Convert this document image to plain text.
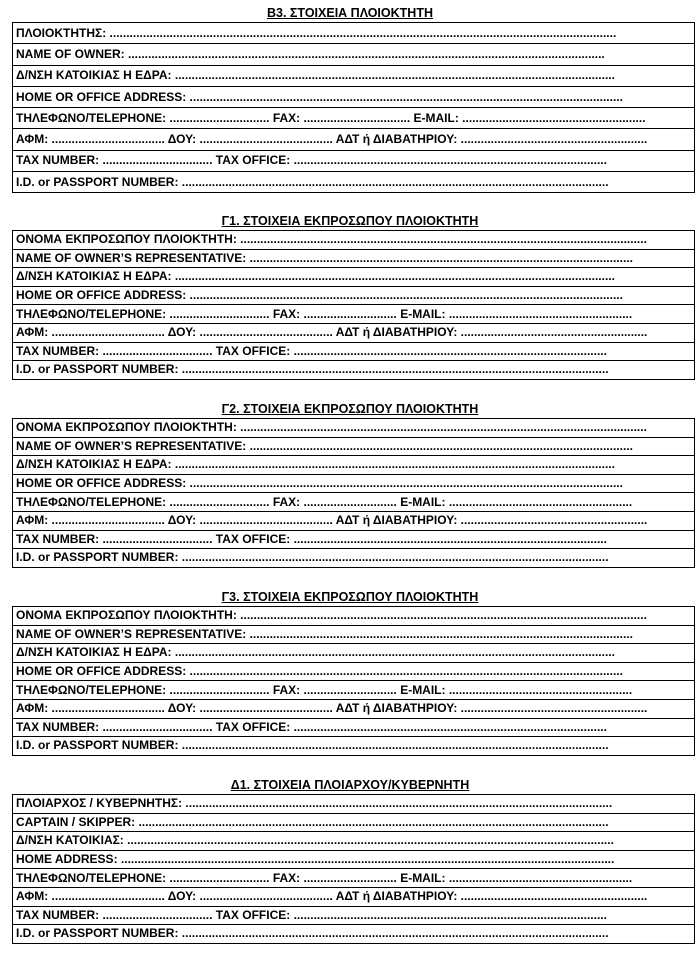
Β3. ΣΤΟΙΧΕΙΑ ΠΛΟΙΟΚΤΗΤΗ
ΠΛΟΙΟΚΤΗΤΗΣ: ........................................................................................................................................................
NAME OF OWNER: ...............................................................................................................................................
Δ/ΝΣΗ ΚΑΤΟΙΚΙΑΣ Η ΕΔΡΑ: ....................................................................................................................................
HOME OR OFFICE ADDRESS: ..................................................................................................................................
ΤΗΛΕΦΩΝΟ/TELEPHONE: .............................. FAX: ................................ E-MAIL: .......................................................
ΑΦΜ: .................................. ΔΟΥ: ........................................ ΑΔΤ ή ΔΙΑΒΑΤΗΡΙΟΥ: ........................................................
TAX NUMBER: ................................. TAX OFFICE: ..............................................................................................
I.D. or PASSPORT NUMBER: ................................................................................................................................
Γ1. ΣΤΟΙΧΕΙΑ ΕΚΠΡΟΣΩΠΟΥ ΠΛΟΙΟΚΤΗΤΗ
ΟΝΟΜΑ ΕΚΠΡΟΣΩΠΟΥ ΠΛΟΙΟΚΤΗΤΗ: ..........................................................................................................................
NAME OF OWNER’S REPRESENTATIVE: ...................................................................................................................
Δ/ΝΣΗ ΚΑΤΟΙΚΙΑΣ Η ΕΔΡΑ: ....................................................................................................................................
HOME OR OFFICE ADDRESS: ..................................................................................................................................
ΤΗΛΕΦΩΝΟ/TELEPHONE: .............................. FAX: ............................ E-MAIL: .......................................................
ΑΦΜ: .................................. ΔΟΥ: ........................................ ΑΔΤ ή ΔΙΑΒΑΤΗΡΙΟΥ: ........................................................
TAX NUMBER: ................................. TAX OFFICE: ..............................................................................................
I.D. or PASSPORT NUMBER: ................................................................................................................................
Γ2. ΣΤΟΙΧΕΙΑ ΕΚΠΡΟΣΩΠΟΥ ΠΛΟΙΟΚΤΗΤΗ
ΟΝΟΜΑ ΕΚΠΡΟΣΩΠΟΥ ΠΛΟΙΟΚΤΗΤΗ: ..........................................................................................................................
NAME OF OWNER’S REPRESENTATIVE: ...................................................................................................................
Δ/ΝΣΗ ΚΑΤΟΙΚΙΑΣ Η ΕΔΡΑ: ....................................................................................................................................
HOME OR OFFICE ADDRESS: ..................................................................................................................................
ΤΗΛΕΦΩΝΟ/TELEPHONE: .............................. FAX: ............................ E-MAIL: .......................................................
ΑΦΜ: .................................. ΔΟΥ: ........................................ ΑΔΤ ή ΔΙΑΒΑΤΗΡΙΟΥ: ........................................................
TAX NUMBER: ................................. TAX OFFICE: ..............................................................................................
I.D. or PASSPORT NUMBER: ................................................................................................................................
Γ3. ΣΤΟΙΧΕΙΑ ΕΚΠΡΟΣΩΠΟΥ ΠΛΟΙΟΚΤΗΤΗ
ΟΝΟΜΑ ΕΚΠΡΟΣΩΠΟΥ ΠΛΟΙΟΚΤΗΤΗ: ..........................................................................................................................
NAME OF OWNER’S REPRESENTATIVE: ...................................................................................................................
Δ/ΝΣΗ ΚΑΤΟΙΚΙΑΣ Η ΕΔΡΑ: ....................................................................................................................................
HOME OR OFFICE ADDRESS: ..................................................................................................................................
ΤΗΛΕΦΩΝΟ/TELEPHONE: .............................. FAX: ............................ E-MAIL: .......................................................
ΑΦΜ: .................................. ΔΟΥ: ........................................ ΑΔΤ ή ΔΙΑΒΑΤΗΡΙΟΥ: ........................................................
TAX NUMBER: ................................. TAX OFFICE: ..............................................................................................
I.D. or PASSPORT NUMBER: ................................................................................................................................
Δ1. ΣΤΟΙΧΕΙΑ ΠΛΟΙΑΡΧΟΥ/ΚΥΒΕΡΝΗΤΗ
ΠΛΟΙΑΡΧΟΣ / ΚΥΒΕΡΝΗΤΗΣ: ................................................................................................................................
CAPTAIN / SKIPPER: .............................................................................................................................................
Δ/ΝΣΗ ΚΑΤΟΙΚΙΑΣ: ..................................................................................................................................................
HOME ADDRESS: ....................................................................................................................................................
ΤΗΛΕΦΩΝΟ/TELEPHONE: .............................. FAX: ............................ E-MAIL: .......................................................
ΑΦΜ: .................................. ΔΟΥ: ........................................ ΑΔΤ ή ΔΙΑΒΑΤΗΡΙΟΥ: ........................................................
TAX NUMBER: ................................. TAX OFFICE: ..............................................................................................
I.D. or PASSPORT NUMBER: ................................................................................................................................
